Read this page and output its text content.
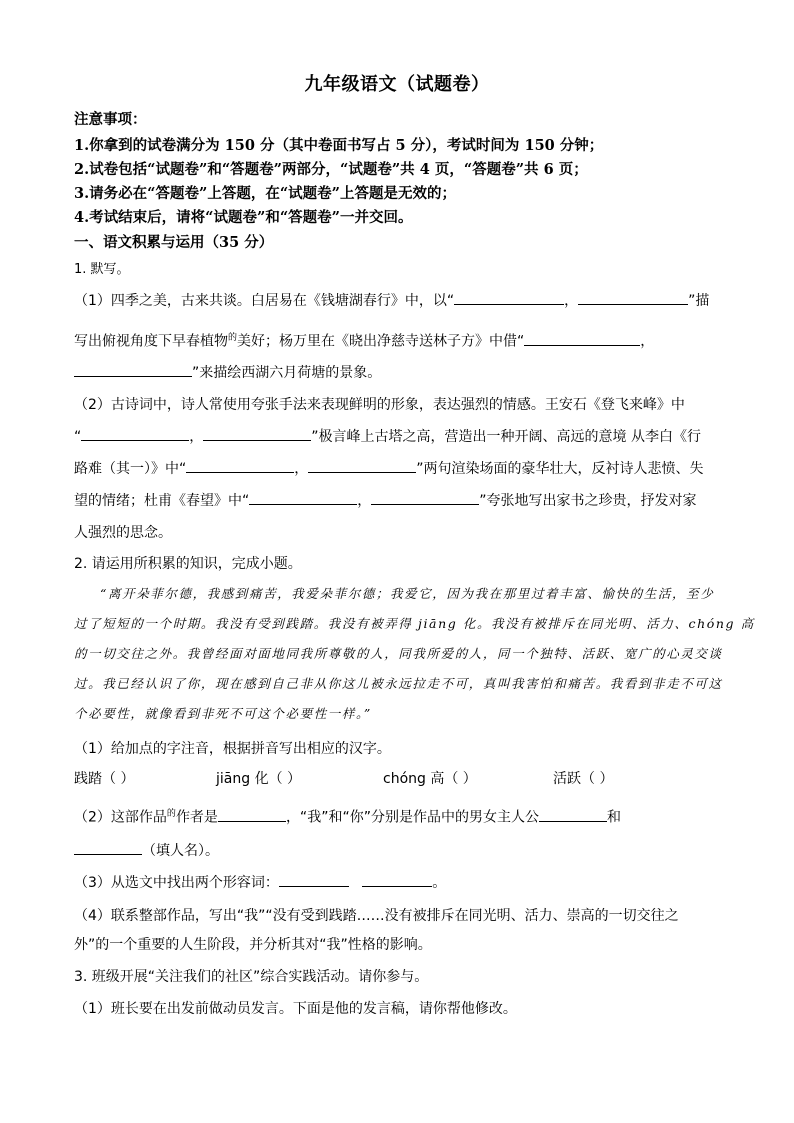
九年级语文（试题卷）
注意事项：
1.你拿到的试卷满分为 150 分（其中卷面书写占 5 分），考试时间为 150 分钟；
2.试卷包括“试题卷”和“答题卷”两部分，“试题卷”共 4 页，“答题卷”共 6 页；
3.请务必在“答题卷”上答题，在“试题卷”上答题是无效的；
4.考试结束后，请将“试题卷”和“答题卷”一并交回。
一、语文积累与运用（35 分）
1. 默写。
（1）四季之美，古来共谈。白居易在《钱塘湖春行》中，以“	，	”描
写出俯视角度下早春植物$^的$美好；杨万里在《晓出净慈寺送林子方》中借“	，
”来描绘西湖六月荷塘的景象。
（2）古诗词中，诗人常使用夸张手法来表现鲜明的形象，表达强烈的情感。王安石《登飞来峰》中
“	，	”极言峰上古塔之高，营造出一种开阔、高远的意境 从李白《行
路难（其一）》中“	，	”两句渲染场面的豪华壮大，反衬诗人悲愤、失
望的情绪；杜甫《春望》中“	，	”夸张地写出家书之珍贵，抒发对家
人强烈的思念。
2. 请运用所积累的知识，完成小题。
“离开朵菲尔德，我感到痛苦，我爱朵菲尔德；我爱它，因为我在那里过着丰富、愉快的生活，至少
过了短短的一个时期。我没有受到践踏。我没有被弄得 jiāng 化。我没有被排斥在同光明、活力、chóng 高
的一切交往之外。我曾经面对面地同我所尊敬的人，同我所爱的人，同一个独特、活跃、宽广的心灵交谈
过。我已经认识了你，现在感到自己非从你这儿被永远拉走不可，真叫我害怕和痛苦。我看到非走不可这
个必要性，就像看到非死不可这个必要性一样。”
（1）给加点的字注音，根据拼音写出相应的汉字。
践踏（ ）	jiāng 化（ ）	chóng 高（ ）	活跃（ ）
（2）这部作品$^的$作者是	，“我”和“你”分别是作品中的男女主人公	和
（填人名）。
（3）从选文中找出两个形容词：	。
（4）联系整部作品，写出“我”“没有受到践踏……没有被排斥在同光明、活力、崇高的一切交往之
外”的一个重要的人生阶段，并分析其对“我”性格的影响。
3. 班级开展“关注我们的社区”综合实践活动。请你参与。
（1）班长要在出发前做动员发言。下面是他的发言稿，请你帮他修改。
